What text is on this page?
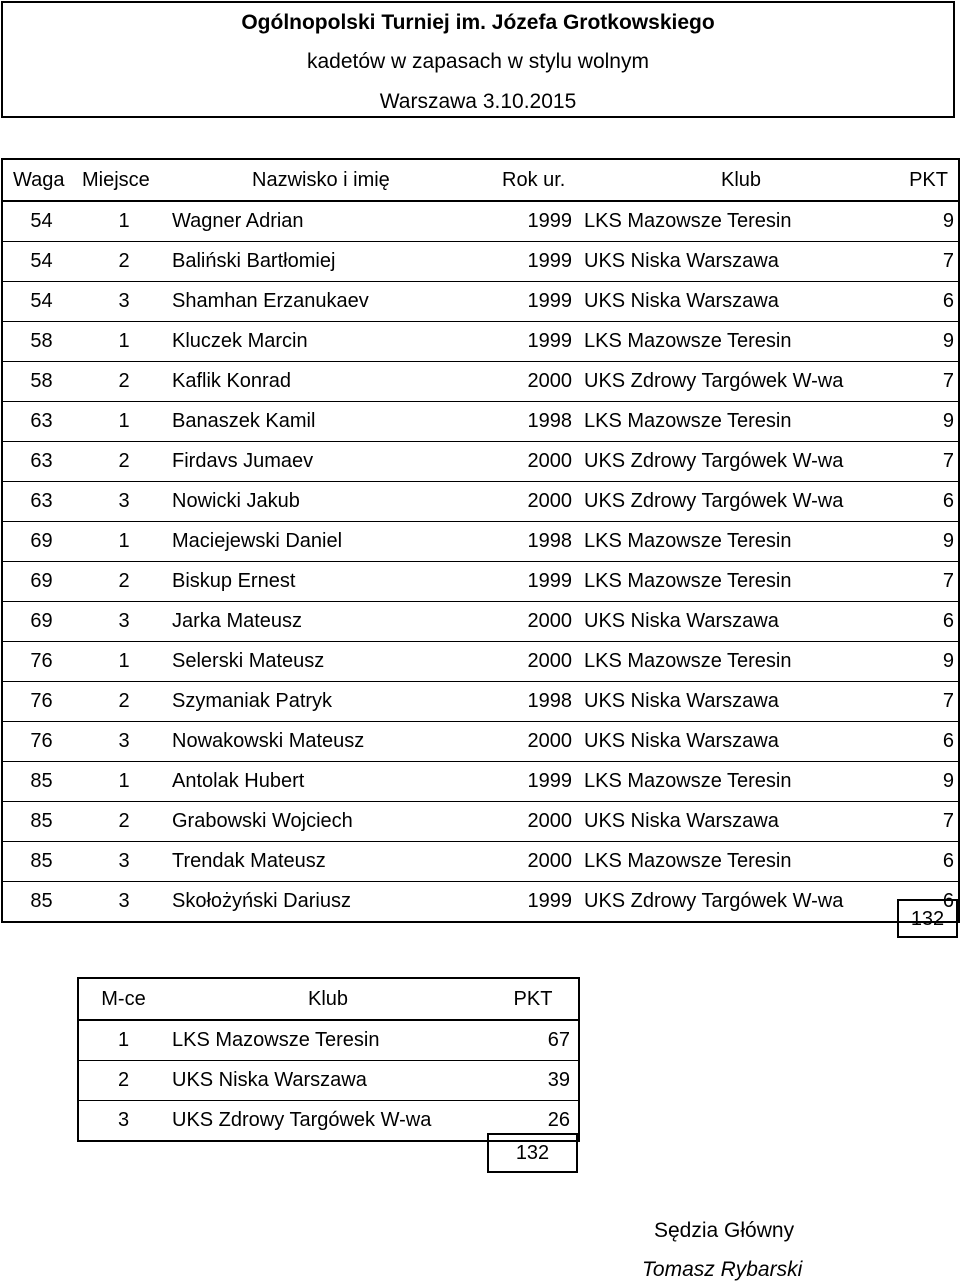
Ogólnopolski Turniej im. Józefa Grotkowskiego
kadetów w zapasach w stylu wolnym
Warszawa 3.10.2015
Waga	Miejsce	Nazwisko i imię	Rok ur.	Klub	PKT
54	1	Wagner Adrian	1999	LKS Mazowsze Teresin	9
54	2	Baliński Bartłomiej	1999	UKS Niska Warszawa	7
54	3	Shamhan Erzanukaev	1999	UKS Niska Warszawa	6
58	1	Kluczek Marcin	1999	LKS Mazowsze Teresin	9
58	2	Kaflik Konrad	2000	UKS Zdrowy Targówek W-wa	7
63	1	Banaszek Kamil	1998	LKS Mazowsze Teresin	9
63	2	Firdavs Jumaev	2000	UKS Zdrowy Targówek W-wa	7
63	3	Nowicki Jakub	2000	UKS Zdrowy Targówek W-wa	6
69	1	Maciejewski Daniel	1998	LKS Mazowsze Teresin	9
69	2	Biskup Ernest	1999	LKS Mazowsze Teresin	7
69	3	Jarka Mateusz	2000	UKS Niska Warszawa	6
76	1	Selerski Mateusz	2000	LKS Mazowsze Teresin	9
76	2	Szymaniak Patryk	1998	UKS Niska Warszawa	7
76	3	Nowakowski Mateusz	2000	UKS Niska Warszawa	6
85	1	Antolak Hubert	1999	LKS Mazowsze Teresin	9
85	2	Grabowski Wojciech	2000	UKS Niska Warszawa	7
85	3	Trendak Mateusz	2000	LKS Mazowsze Teresin	6
85	3	Skołożyński Dariusz	1999	UKS Zdrowy Targówek W-wa	6
132
M-ce	Klub	PKT
1	LKS Mazowsze Teresin	67
2	UKS Niska Warszawa	39
3	UKS Zdrowy Targówek W-wa	26
132
Sędzia Główny
Tomasz Rybarski
